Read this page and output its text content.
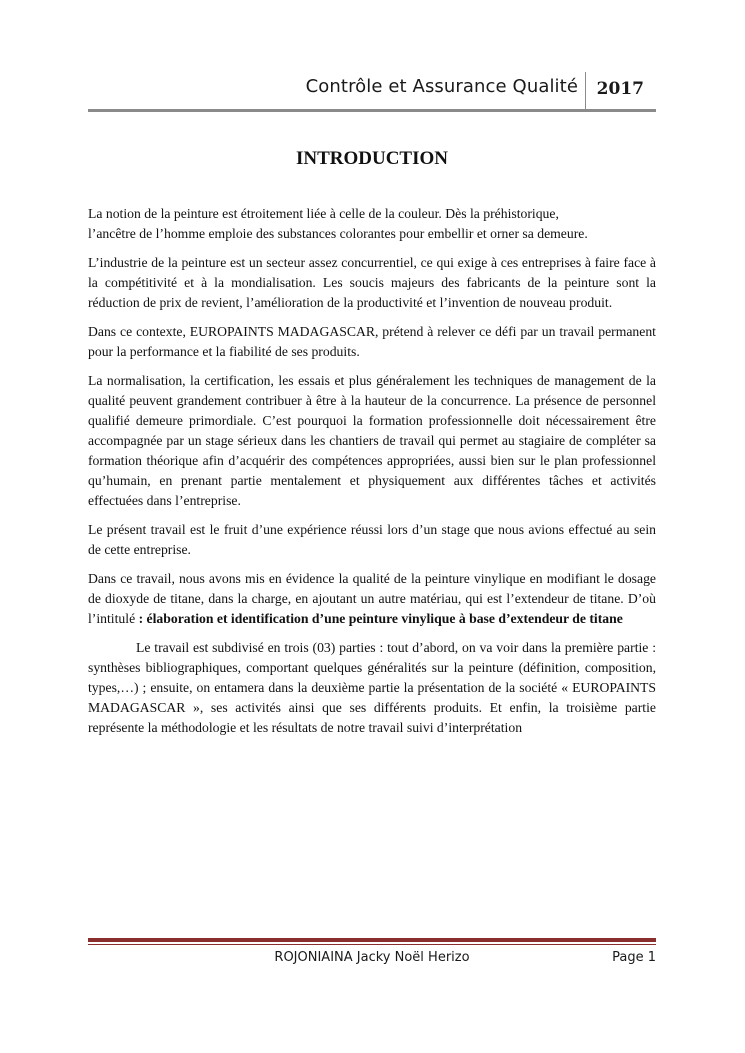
Contrôle et Assurance Qualité 2017
INTRODUCTION

La notion de la peinture est étroitement liée à celle de la couleur. Dès la préhistorique,
l’ancêtre de l’homme emploie des substances colorantes pour embellir et orner sa demeure.

L’industrie de la peinture est un secteur assez concurrentiel, ce qui exige à ces entreprises à faire face à la compétitivité et à la mondialisation. Les soucis majeurs des fabricants de la peinture sont la réduction de prix de revient, l’amélioration de la productivité et l’invention de nouveau produit.

Dans ce contexte, EUROPAINTS MADAGASCAR, prétend à relever ce défi par un travail permanent pour la performance et la fiabilité de ses produits.

La normalisation, la certification, les essais et plus généralement les techniques de management de la qualité peuvent grandement contribuer à être à la hauteur de la concurrence. La présence de personnel qualifié demeure primordiale. C’est pourquoi la formation professionnelle doit nécessairement être accompagnée par un stage sérieux dans les chantiers de travail qui permet au stagiaire de compléter sa formation théorique afin d’acquérir des compétences appropriées, aussi bien sur le plan professionnel qu’humain, en prenant partie mentalement et physiquement aux différentes tâches et activités effectuées dans l’entreprise.

Le présent travail est le fruit d’une expérience réussi lors d’un stage que nous avions effectué au sein de cette entreprise.

Dans ce travail, nous avons mis en évidence la qualité de la peinture vinylique en modifiant le dosage de dioxyde de titane, dans la charge, en ajoutant un autre matériau, qui est l’extendeur de titane. D’où l’intitulé : élaboration et identification d’une peinture vinylique à base d’extendeur de titane

Le travail est subdivisé en trois (03) parties : tout d’abord, on va voir dans la première partie : synthèses bibliographiques, comportant quelques généralités sur la peinture (définition, composition, types,…) ; ensuite, on entamera dans la deuxième partie la présentation de la société « EUROPAINTS MADAGASCAR », ses activités ainsi que ses différents produits. Et enfin, la troisième partie représente la méthodologie et les résultats de notre travail suivi d’interprétation

ROJONIAINA Jacky Noël Herizo	Page 1
